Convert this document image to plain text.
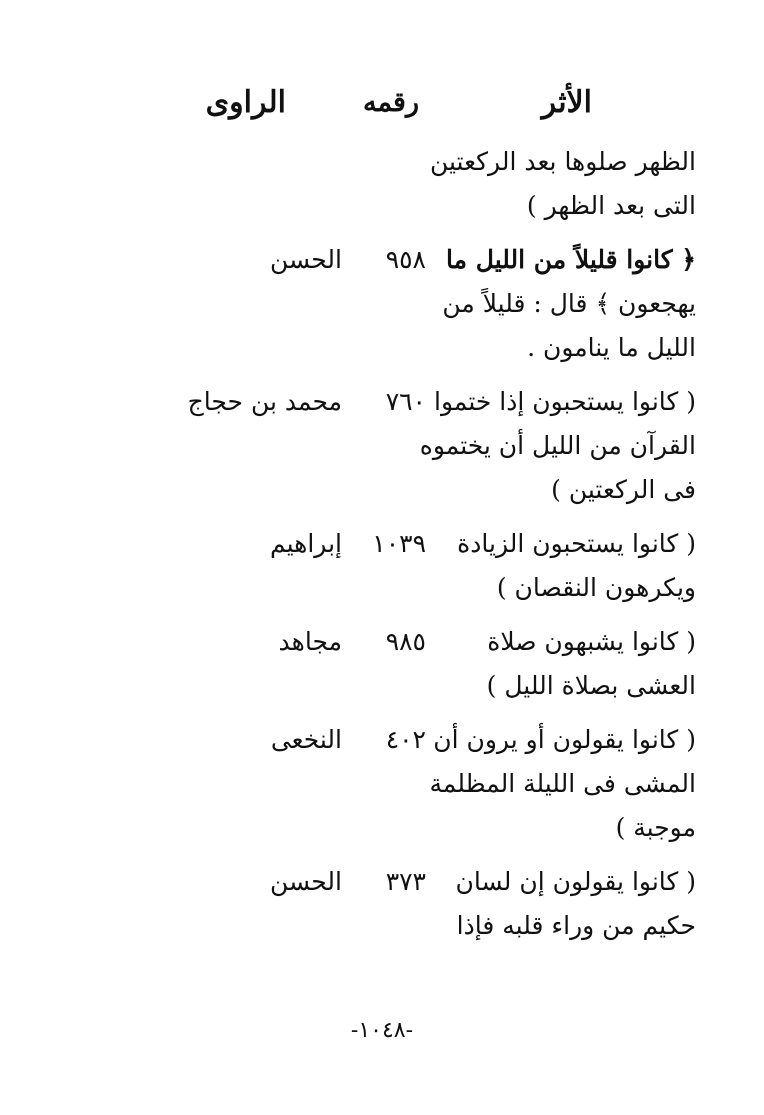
الأثر
رقمه
الراوى
الظهر صلوها بعد الركعتين
التى بعد الظهر )
﴿ كانوا قليلاً من الليل ما
يهجعون ﴾ قال : قليلاً من
الليل ما ينامون .
٩٥٨
الحسن
( كانوا يستحبون إذا ختموا
القرآن من الليل أن يختموه
فى الركعتين )
٧٦٠
محمد بن حجاج
( كانوا يستحبون الزيادة
ويكرهون النقصان )
١٠٣٩
إبراهيم
( كانوا يشبهون صلاة
العشى بصلاة الليل )
٩٨٥
مجاهد
( كانوا يقولون أو يرون أن
المشى فى الليلة المظلمة
موجبة )
٤٠٢
النخعى
( كانوا يقولون إن لسان
حكيم من وراء قلبه فإذا
٣٧٣
الحسن
-١٠٤٨-
